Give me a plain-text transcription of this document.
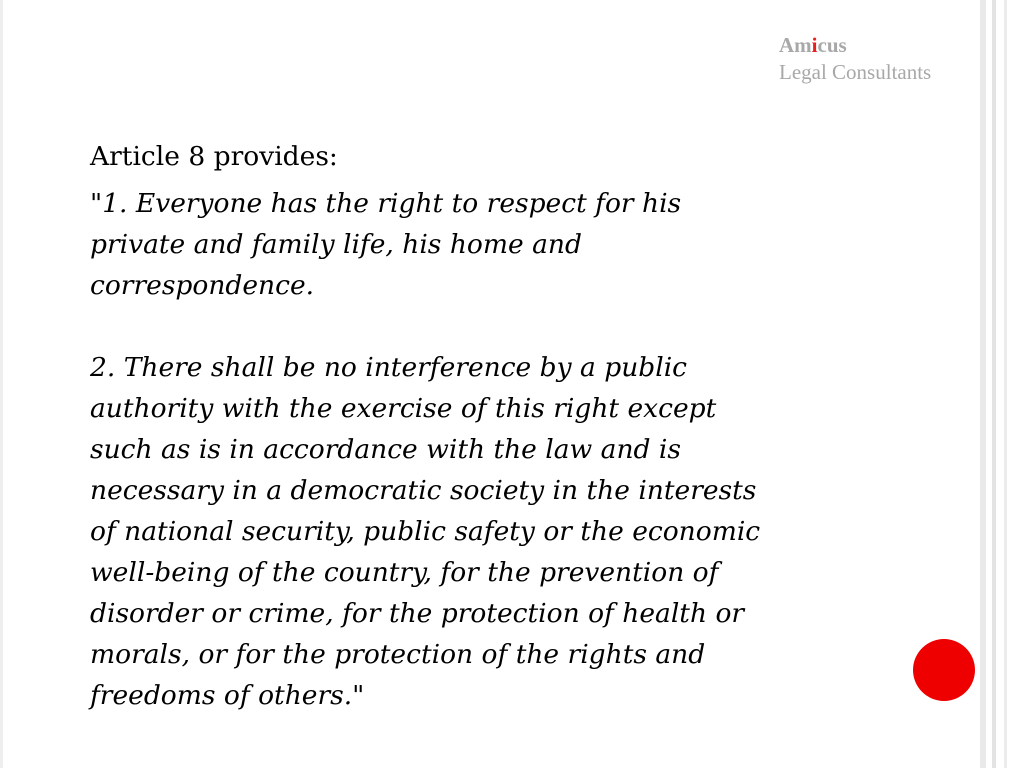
Amicus
Legal Consultants

Article 8 provides:

"1. Everyone has the right to respect for his
private and family life, his home and
correspondence.

2. There shall be no interference by a public
authority with the exercise of this right except
such as is in accordance with the law and is
necessary in a democratic society in the interests
of national security, public safety or the economic
well-being of the country, for the prevention of
disorder or crime, for the protection of health or
morals, or for the protection of the rights and
freedoms of others."
